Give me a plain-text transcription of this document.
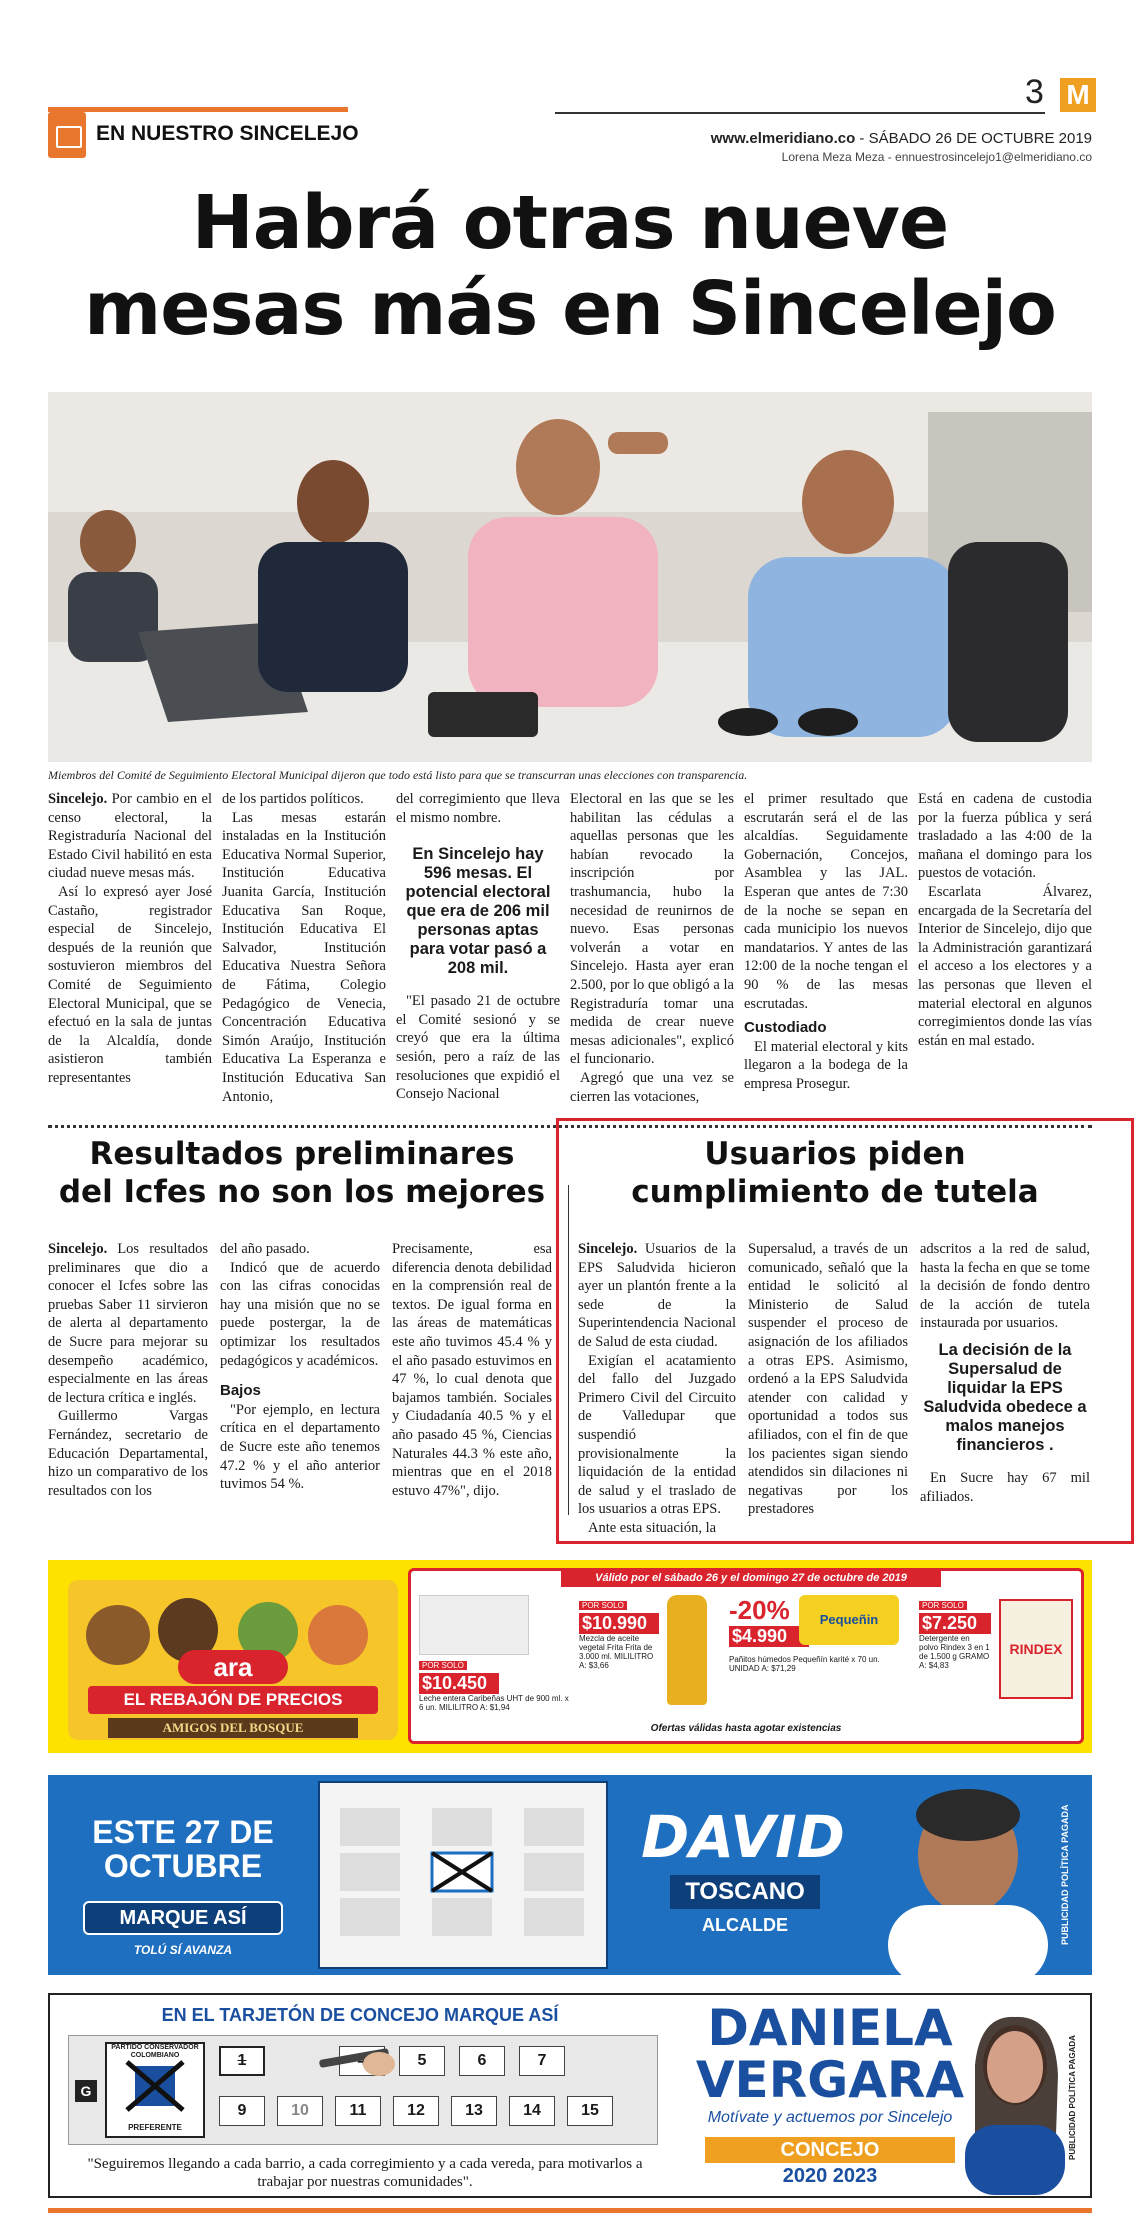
EN NUESTRO SINCELEJO
3 M
www.elmeridiano.co - SÁBADO 26 DE OCTUBRE 2019
Lorena Meza Meza - ennuestrosincelejo1@elmeridiano.co
Habrá otras nueve
mesas más en Sincelejo
Miembros del Comité de Seguimiento Electoral Municipal dijeron que todo está listo para que se transcurran unas elecciones con transparencia.

Sincelejo. Por cambio en el censo electoral, la Registraduría Nacional del Estado Civil habilitó en esta ciudad nueve mesas más.

Así lo expresó ayer José Castaño, registrador especial de Sincelejo, después de la reunión que sostuvieron miembros del Comité de Seguimiento Electoral Municipal, que se efectuó en la sala de juntas de la Alcaldía, donde asistieron también representantes

de los partidos políticos.

Las mesas estarán instaladas en la Institución Educativa Normal Superior, Institución Educativa Juanita García, Institución Educativa San Roque, Institución Educativa El Salvador, Institución Educativa Nuestra Señora de Fátima, Colegio Pedagógico de Venecia, Concentración Educativa Simón Araújo, Institución Educativa La Esperanza e Institución Educativa San Antonio,

del corregimiento que lleva el mismo nombre.

En Sincelejo hay 596 mesas. El potencial electoral que era de 206 mil personas aptas para votar pasó a 208 mil.

"El pasado 21 de octubre el Comité sesionó y se creyó que era la última sesión, pero a raíz de las resoluciones que expidió el Consejo Nacional

Electoral en las que se les habilitan las cédulas a aquellas personas que les habían revocado la inscripción por trashumancia, hubo la necesidad de reunirnos de nuevo. Esas personas volverán a votar en Sincelejo. Hasta ayer eran 2.500, por lo que obligó a la Registraduría tomar una medida de crear nueve mesas adicionales", explicó el funcionario.

Agregó que una vez se cierren las votaciones,

el primer resultado que escrutarán será el de las alcaldías. Seguidamente Gobernación, Concejos, Asamblea y las JAL. Esperan que antes de 7:30 de la noche se sepan en cada municipio los nuevos mandatarios. Y antes de las 12:00 de la noche tengan el 90 % de las mesas escrutadas.

Custodiado

El material electoral y kits llegaron a la bodega de la empresa Prosegur.

Está en cadena de custodia por la fuerza pública y será trasladado a las 4:00 de la mañana el domingo para los puestos de votación.

Escarlata Álvarez, encargada de la Secretaría del Interior de Sincelejo, dijo que la Administración garantizará el acceso a los electores y a las personas que lleven el material electoral en algunos corregimientos donde las vías están en mal estado.

Resultados preliminares
del Icfes no son los mejores

Sincelejo. Los resultados preliminares que dio a conocer el Icfes sobre las pruebas Saber 11 sirvieron de alerta al departamento de Sucre para mejorar su desempeño académico, especialmente en las áreas de lectura crítica e inglés.

Guillermo Vargas Fernández, secretario de Educación Departamental, hizo un comparativo de los resultados con los

del año pasado.

Indicó que de acuerdo con las cifras conocidas hay una misión que no se puede postergar, la de optimizar los resultados pedagógicos y académicos.

Bajos

"Por ejemplo, en lectura crítica en el departamento de Sucre este año tenemos 47.2 % y el año anterior tuvimos 54 %.

Precisamente, esa diferencia denota debilidad en la comprensión real de textos. De igual forma en las áreas de matemáticas este año tuvimos 45.4 % y el año pasado estuvimos en 47 %, lo cual denota que bajamos también. Sociales y Ciudadanía 40.5 % y el año pasado 45 %, Ciencias Naturales 44.3 % este año, mientras que en el 2018 estuvo 47%", dijo.

Usuarios piden
cumplimiento de tutela

Sincelejo. Usuarios de la EPS Saludvida hicieron ayer un plantón frente a la sede de la Superintendencia Nacional de Salud de esta ciudad.

Exigían el acatamiento del fallo del Juzgado Primero Civil del Circuito de Valledupar que suspendió provisionalmente la liquidación de la entidad de salud y el traslado de los usuarios a otras EPS.

Ante esta situación, la

Supersalud, a través de un comunicado, señaló que la entidad le solicitó al Ministerio de Salud suspender el proceso de asignación de los afiliados a otras EPS. Asimismo, ordenó a la EPS Saludvida atender con calidad y oportunidad a todos sus afiliados, con el fin de que los pacientes sigan siendo atendidos sin dilaciones ni negativas por los prestadores

adscritos a la red de salud, hasta la fecha en que se tome la decisión de fondo dentro de la acción de tutela instaurada por usuarios.

La decisión de la Supersalud de liquidar la EPS Saludvida obedece a malos manejos financieros .

En Sucre hay 67 mil afiliados.

ara
EL REBAJÓN DE PRECIOS
AMIGOS DEL BOSQUE
Válido por el sábado 26 y el domingo 27 de octubre de 2019
POR SOLO
$10.450
Leche entera Caribeñas UHT de 900 ml. x 6 un. MILILITRO A: $1,94
POR SOLO
$10.990
Mezcla de aceite vegetal Frita Frita de 3.000 ml. MILILITRO A: $3,66
-20%	Pequeñin
$4.990
Pañitos húmedos Pequeñín karité x 70 un. UNIDAD A: $71,29
POR SOLO
$7.250
Detergente en polvo Rindex 3 en 1 de 1.500 g GRAMO A: $4,83
RINDEX
Ofertas válidas hasta agotar existencias
ESTE 27 DE
OCTUBRE
MARQUE ASÍ
TOLÚ SÍ AVANZA
DAVID
TOSCANO
ALCALDE	PUBLICIDAD POLÍTICA PAGADA
EN EL TARJETÓN DE CONCEJO MARQUE ASÍ
G
PARTIDO CONSERVADOR COLOMBIANO
PREFERENTE
1	5	6	7
9	10	11	12	13	14	15
"Seguiremos llegando a cada barrio, a cada corregimiento y a cada vereda, para motivarlos a trabajar por nuestras comunidades".
DANIELA
VERGARA
Motívate y actuemos por Sincelejo
CONCEJO
2020 2023
PUBLICIDAD POLÍTICA PAGADA
